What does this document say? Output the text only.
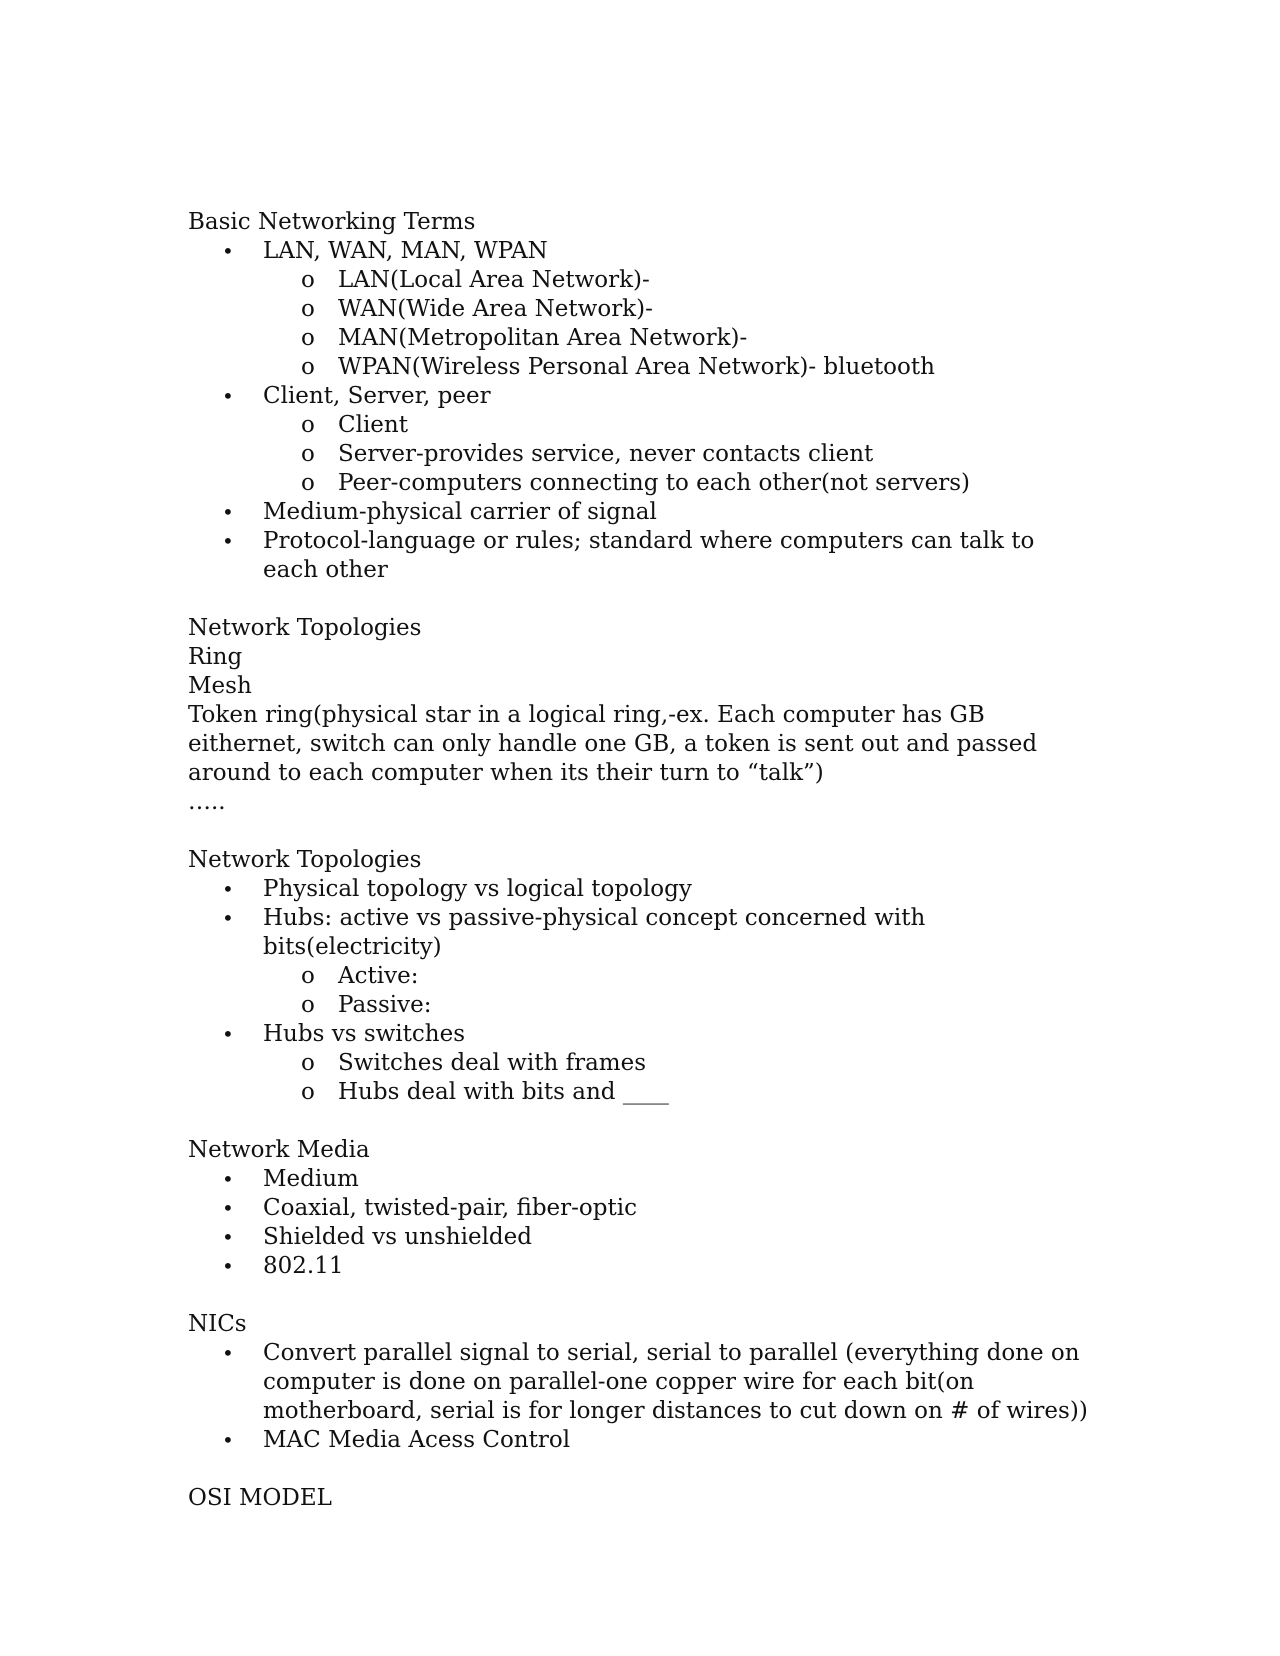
Basic Networking Terms

• LAN, WAN, MAN, WPAN
o LAN(Local Area Network)-
o WAN(Wide Area Network)-
o MAN(Metropolitan Area Network)-
o WPAN(Wireless Personal Area Network)- bluetooth
• Client, Server, peer
o Client
o Server-provides service, never contacts client
o Peer-computers connecting to each other(not servers)
• Medium-physical carrier of signal
• Protocol-language or rules; standard where computers can talk to each other

Network Topologies

Ring

Mesh

Token ring(physical star in a logical ring,-ex. Each computer has GB eithernet, switch can only handle one GB, a token is sent out and passed around to each computer when its their turn to “talk”)

…..

Network Topologies

• Physical topology vs logical topology
• Hubs: active vs passive-physical concept concerned with bits(electricity)
o Active:
o Passive:
• Hubs vs switches
o Switches deal with frames
o Hubs deal with bits and ____

Network Media

• Medium
• Coaxial, twisted-pair, fiber-optic
• Shielded vs unshielded
• 802.11

NICs

• Convert parallel signal to serial, serial to parallel (everything done on computer is done on parallel-one copper wire for each bit(on motherboard, serial is for longer distances to cut down on # of wires))
• MAC Media Acess Control

OSI MODEL
